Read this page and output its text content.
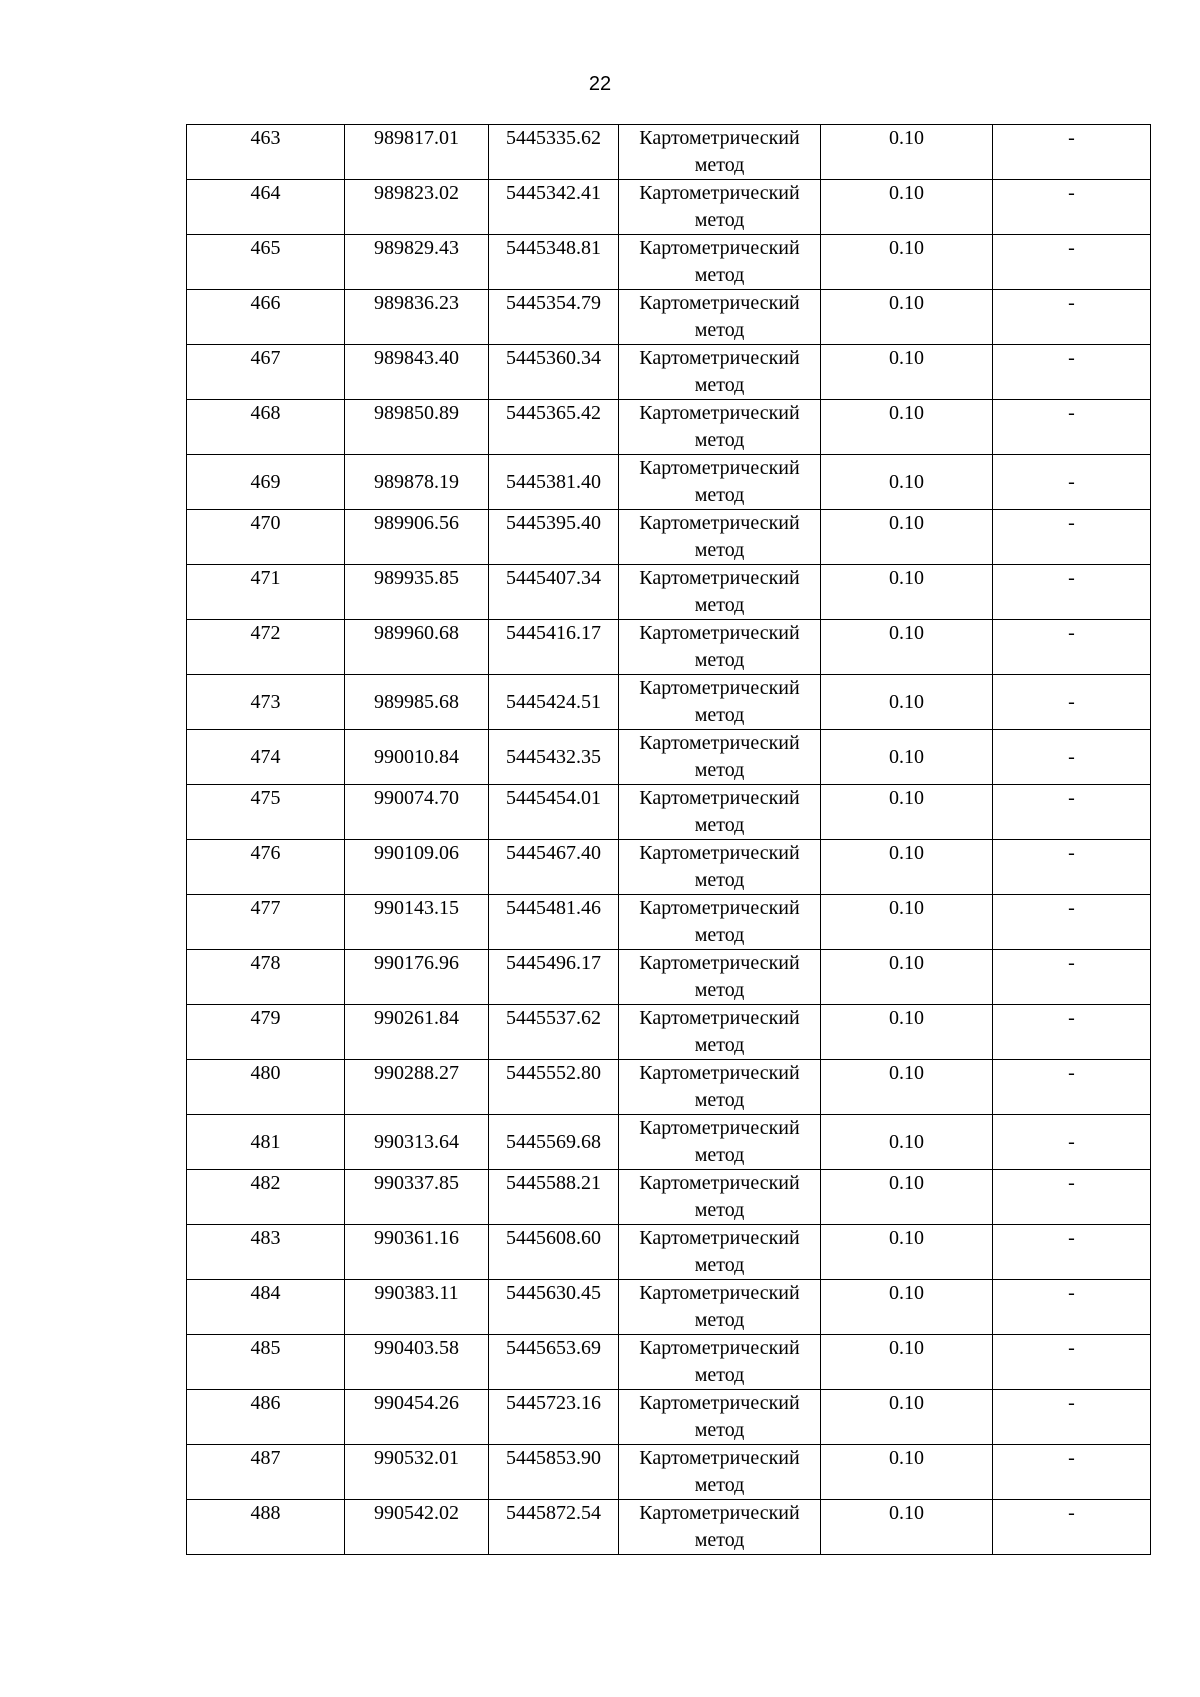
22
463	989817.01	5445335.62	Картометрический метод	0.10	-
464	989823.02	5445342.41	Картометрический метод	0.10	-
465	989829.43	5445348.81	Картометрический метод	0.10	-
466	989836.23	5445354.79	Картометрический метод	0.10	-
467	989843.40	5445360.34	Картометрический метод	0.10	-
468	989850.89	5445365.42	Картометрический метод	0.10	-
469	989878.19	5445381.40	Картометрический метод	0.10	-
470	989906.56	5445395.40	Картометрический метод	0.10	-
471	989935.85	5445407.34	Картометрический метод	0.10	-
472	989960.68	5445416.17	Картометрический метод	0.10	-
473	989985.68	5445424.51	Картометрический метод	0.10	-
474	990010.84	5445432.35	Картометрический метод	0.10	-
475	990074.70	5445454.01	Картометрический метод	0.10	-
476	990109.06	5445467.40	Картометрический метод	0.10	-
477	990143.15	5445481.46	Картометрический метод	0.10	-
478	990176.96	5445496.17	Картометрический метод	0.10	-
479	990261.84	5445537.62	Картометрический метод	0.10	-
480	990288.27	5445552.80	Картометрический метод	0.10	-
481	990313.64	5445569.68	Картометрический метод	0.10	-
482	990337.85	5445588.21	Картометрический метод	0.10	-
483	990361.16	5445608.60	Картометрический метод	0.10	-
484	990383.11	5445630.45	Картометрический метод	0.10	-
485	990403.58	5445653.69	Картометрический метод	0.10	-
486	990454.26	5445723.16	Картометрический метод	0.10	-
487	990532.01	5445853.90	Картометрический метод	0.10	-
488	990542.02	5445872.54	Картометрический метод	0.10	-
